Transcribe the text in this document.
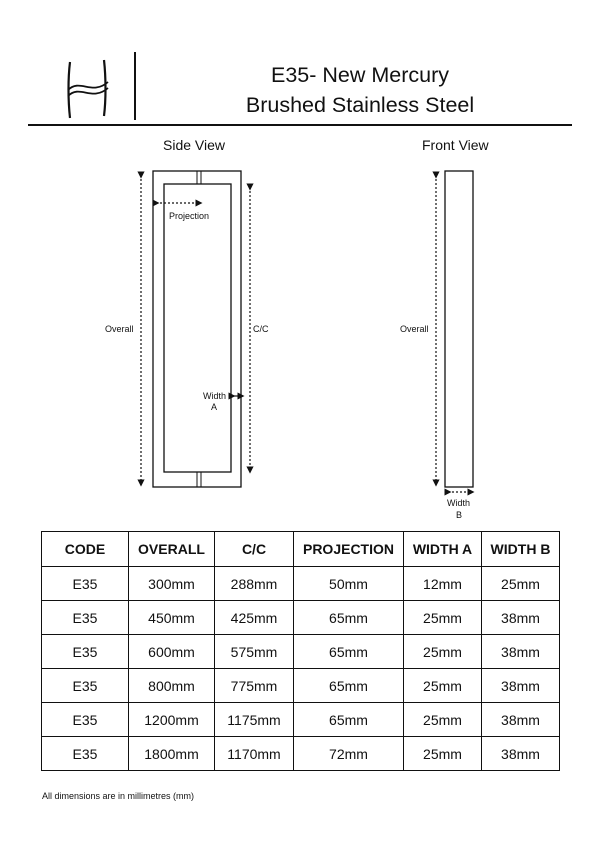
E35- New Mercury
Brushed Stainless Steel
Side View	Front View
Projection
Overall	C/C
Width
A
Overall
Width
B
CODE	OVERALL	C/C	PROJECTION	WIDTH A	WIDTH B
E35	300mm	288mm	50mm	12mm	25mm
E35	450mm	425mm	65mm	25mm	38mm
E35	600mm	575mm	65mm	25mm	38mm
E35	800mm	775mm	65mm	25mm	38mm
E35	1200mm	1175mm	65mm	25mm	38mm
E35	1800mm	1170mm	72mm	25mm	38mm
All dimensions are in millimetres (mm)
